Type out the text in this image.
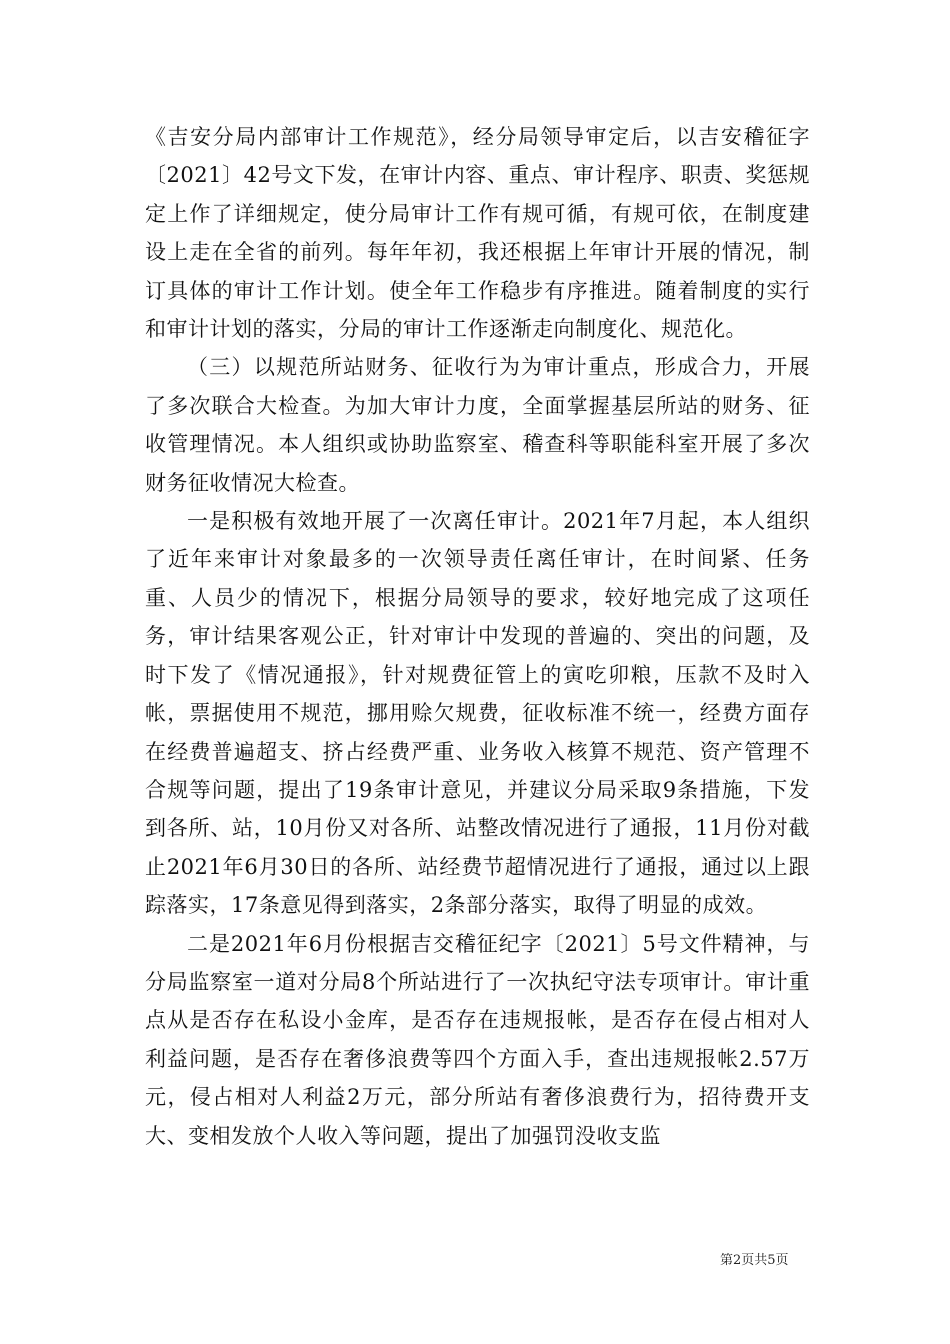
《吉安分局内部审计工作规范》，经分局领导审定后，以吉安稽征字〔2021〕42号文下发，在审计内容、重点、审计程序、职责、奖惩规定上作了详细规定，使分局审计工作有规可循，有规可依，在制度建设上走在全省的前列。每年年初，我还根据上年审计开展的情况，制订具体的审计工作计划。使全年工作稳步有序推进。随着制度的实行和审计计划的落实，分局的审计工作逐渐走向制度化、规范化。

（三）以规范所站财务、征收行为为审计重点，形成合力，开展了多次联合大检查。为加大审计力度，全面掌握基层所站的财务、征收管理情况。本人组织或协助监察室、稽查科等职能科室开展了多次财务征收情况大检查。

一是积极有效地开展了一次离任审计。2021年7月起，本人组织了近年来审计对象最多的一次领导责任离任审计，在时间紧、任务重、人员少的情况下，根据分局领导的要求，较好地完成了这项任务，审计结果客观公正，针对审计中发现的普遍的、突出的问题，及时下发了《情况通报》，针对规费征管上的寅吃卯粮，压款不及时入帐，票据使用不规范，挪用赊欠规费，征收标准不统一，经费方面存在经费普遍超支、挤占经费严重、业务收入核算不规范、资产管理不合规等问题，提出了19条审计意见，并建议分局采取9条措施，下发到各所、站，10月份又对各所、站整改情况进行了通报，11月份对截止2021年6月30日的各所、站经费节超情况进行了通报，通过以上跟踪落实，17条意见得到落实，2条部分落实，取得了明显的成效。

二是2021年6月份根据吉交稽征纪字〔2021〕5号文件精神，与分局监察室一道对分局8个所站进行了一次执纪守法专项审计。审计重点从是否存在私设小金库，是否存在违规报帐，是否存在侵占相对人利益问题，是否存在奢侈浪费等四个方面入手，查出违规报帐2.57万元，侵占相对人利益2万元，部分所站有奢侈浪费行为，招待费开支大、变相发放个人收入等问题，提出了加强罚没收支监

第2页共5页
